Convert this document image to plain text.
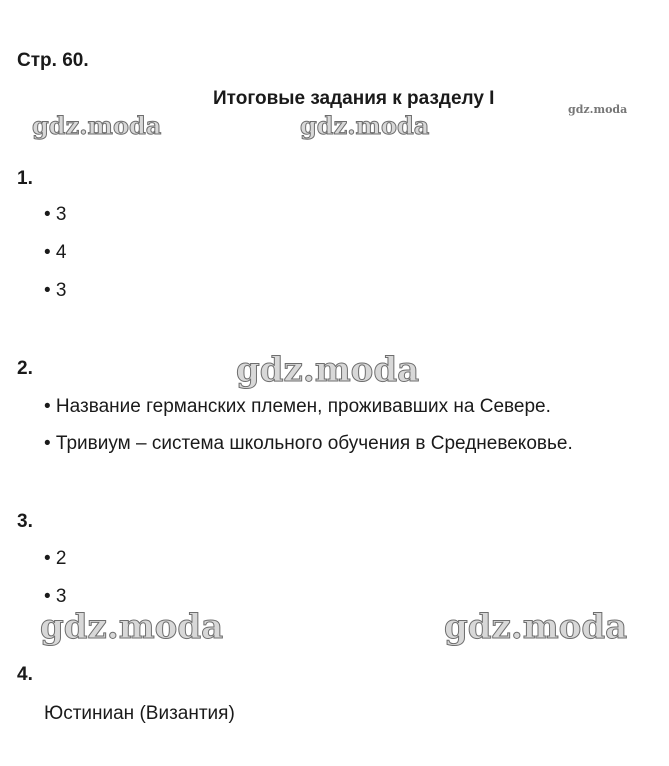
Стр. 60.
Итоговые задания к разделу I
gdz.moda
gdz.moda	gdz.moda
gdz.moda
gdz.moda	gdz.moda
1.
• 3
• 4
• 3
2.
• Название германских племен, проживавших на Севере.
• Тривиум – система школьного обучения в Средневековье.
3.
• 2
• 3
4.
Юстиниан (Византия)
